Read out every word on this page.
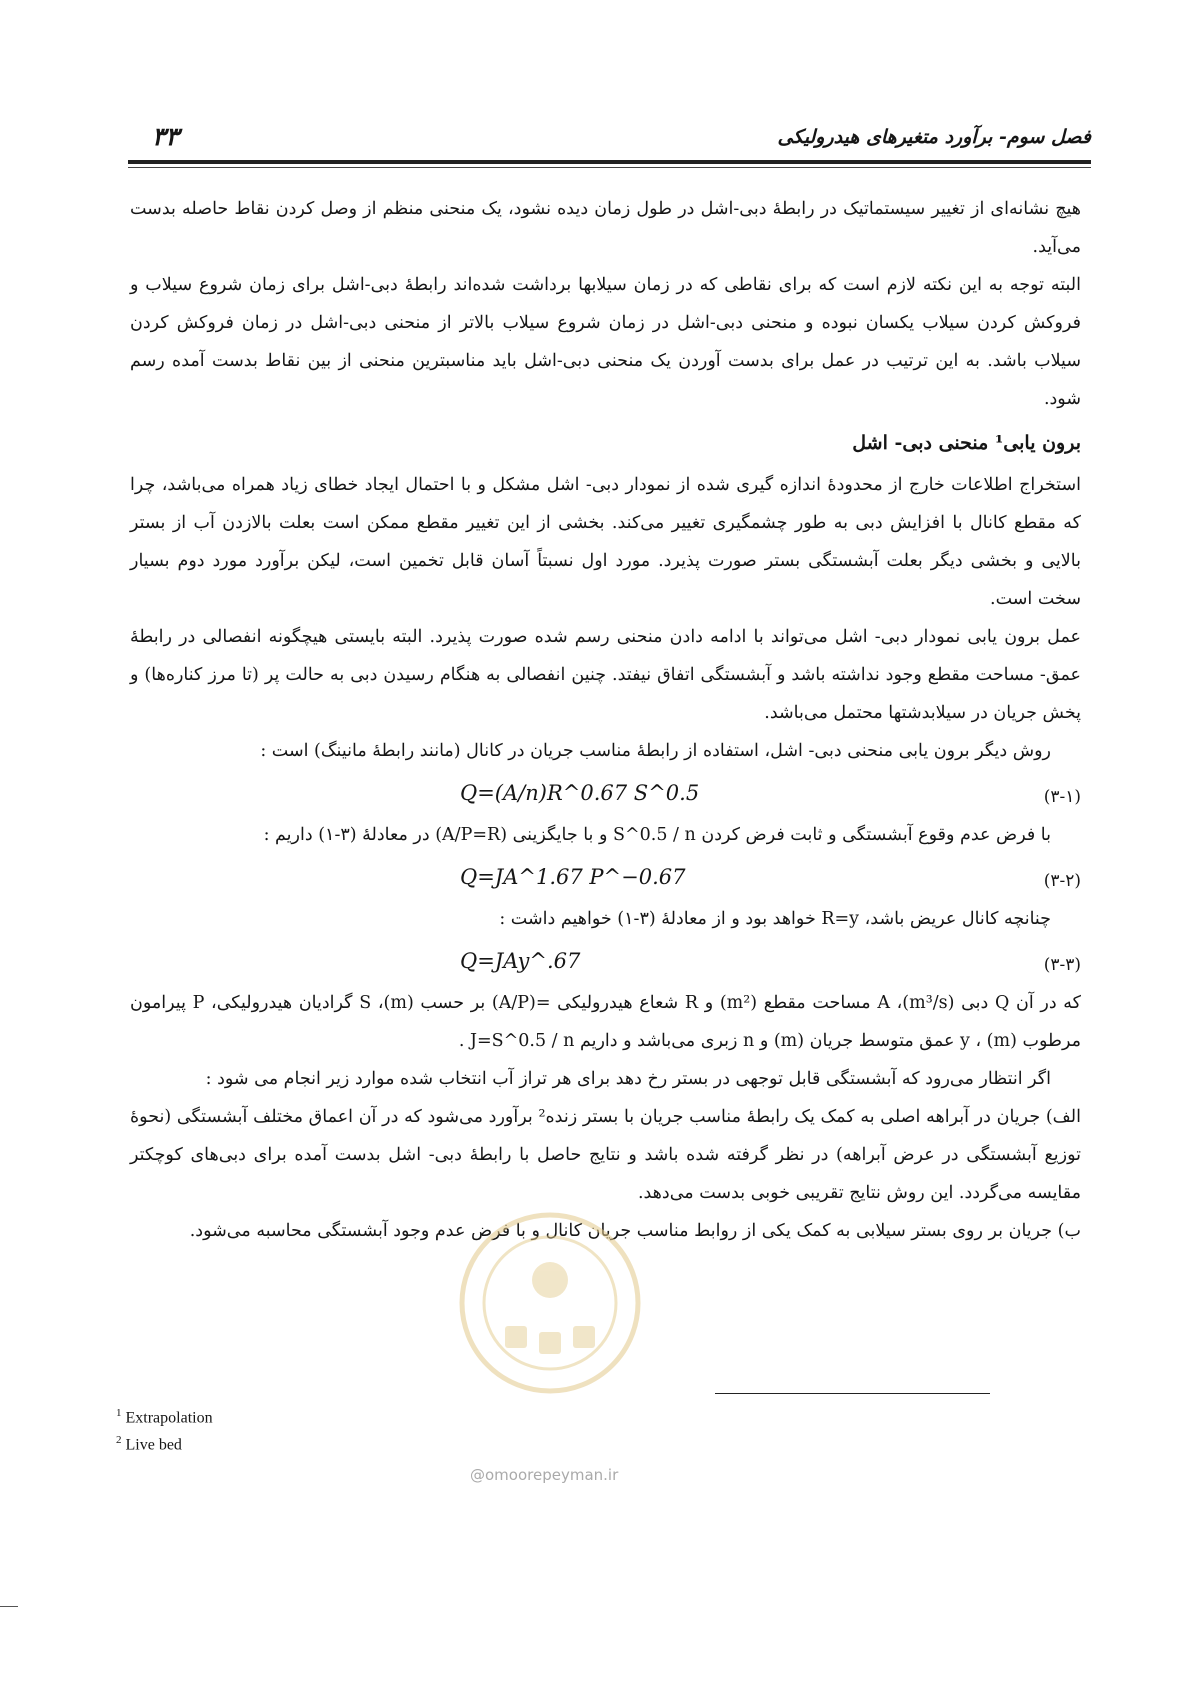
۳۳	فصل سوم- برآورد متغیرهای هیدرولیکی

هیچ نشانه‌ای از تغییر سیستماتیک در رابطهٔ دبی-اشل در طول زمان دیده نشود، یک منحنی منظم از وصل کردن نقاط حاصله بدست می‌آید.

البته توجه به این نکته لازم است که برای نقاطی که در زمان سیلابها برداشت شده‌اند رابطهٔ دبی-اشل برای زمان شروع سیلاب و فروکش کردن سیلاب یکسان نبوده و منحنی دبی-اشل در زمان شروع سیلاب بالاتر از منحنی دبی-اشل در زمان فروکش کردن سیلاب باشد. به این ترتیب در عمل برای بدست آوردن یک منحنی دبی-اشل باید مناسبترین منحنی از بین نقاط بدست آمده رسم شود.

برون یابی¹ منحنی دبی- اشل

استخراج اطلاعات خارج از محدودهٔ اندازه گیری شده از نمودار دبی- اشل مشکل و با احتمال ایجاد خطای زیاد همراه می‌باشد، چرا که مقطع کانال با افزایش دبی به طور چشمگیری تغییر می‌کند. بخشی از این تغییر مقطع ممکن است بعلت بالازدن آب از بستر بالایی و بخشی دیگر بعلت آبشستگی بستر صورت پذیرد. مورد اول نسبتاً آسان قابل تخمین است، لیکن برآورد مورد دوم بسیار سخت است.

عمل برون یابی نمودار دبی- اشل می‌تواند با ادامه دادن منحنی رسم شده صورت پذیرد. البته بایستی هیچگونه انفصالی در رابطهٔ عمق- مساحت مقطع وجود نداشته باشد و آبشستگی اتفاق نیفتد. چنین انفصالی به هنگام رسیدن دبی به حالت پر (تا مرز کناره‌ها) و پخش جریان در سیلابدشتها محتمل می‌باشد.

روش دیگر برون یابی منحنی دبی- اشل، استفاده از رابطهٔ مناسب جریان در کانال (مانند رابطهٔ مانینگ) است :

Q=(A/n)R^0.67 S^0.5	(۳-۱)

با فرض عدم وقوع آبشستگی و ثابت فرض کردن S^0.5 / n و با جایگزینی (A/P=R) در معادلهٔ (۳-۱) داریم :

Q=JA^1.67 P^−0.67	(۳-۲)

چنانچه کانال عریض باشد، R=y خواهد بود و از معادلهٔ (۳-۱) خواهیم داشت :

Q=JAy^.67	(۳-۳)

که در آن Q دبی (m³/s)، A مساحت مقطع (m²) و R شعاع هیدرولیکی =(A/P) بر حسب (m)، S گرادیان هیدرولیکی، P پیرامون مرطوب (m) ، y عمق متوسط جریان (m) و n زبری می‌باشد و داریم J=S^0.5 / n .

اگر انتظار می‌رود که آبشستگی قابل توجهی در بستر رخ دهد برای هر تراز آب انتخاب شده موارد زیر انجام می شود :

الف) جریان در آبراهه اصلی به کمک یک رابطهٔ مناسب جریان با بستر زنده² برآورد می‌شود که در آن اعماق مختلف آبشستگی (نحوهٔ توزیع آبشستگی در عرض آبراهه) در نظر گرفته شده باشد و نتایج حاصل با رابطهٔ دبی- اشل بدست آمده برای دبی‌های کوچکتر مقایسه می‌گردد. این روش نتایج تقریبی خوبی بدست می‌دهد.

ب) جریان بر روی بستر سیلابی به کمک یکی از روابط مناسب جریان کانال و با فرض عدم وجود آبشستگی محاسبه می‌شود.

@omoorepeyman.ir
$^1$ Extrapolation
$^2$ Live bed
